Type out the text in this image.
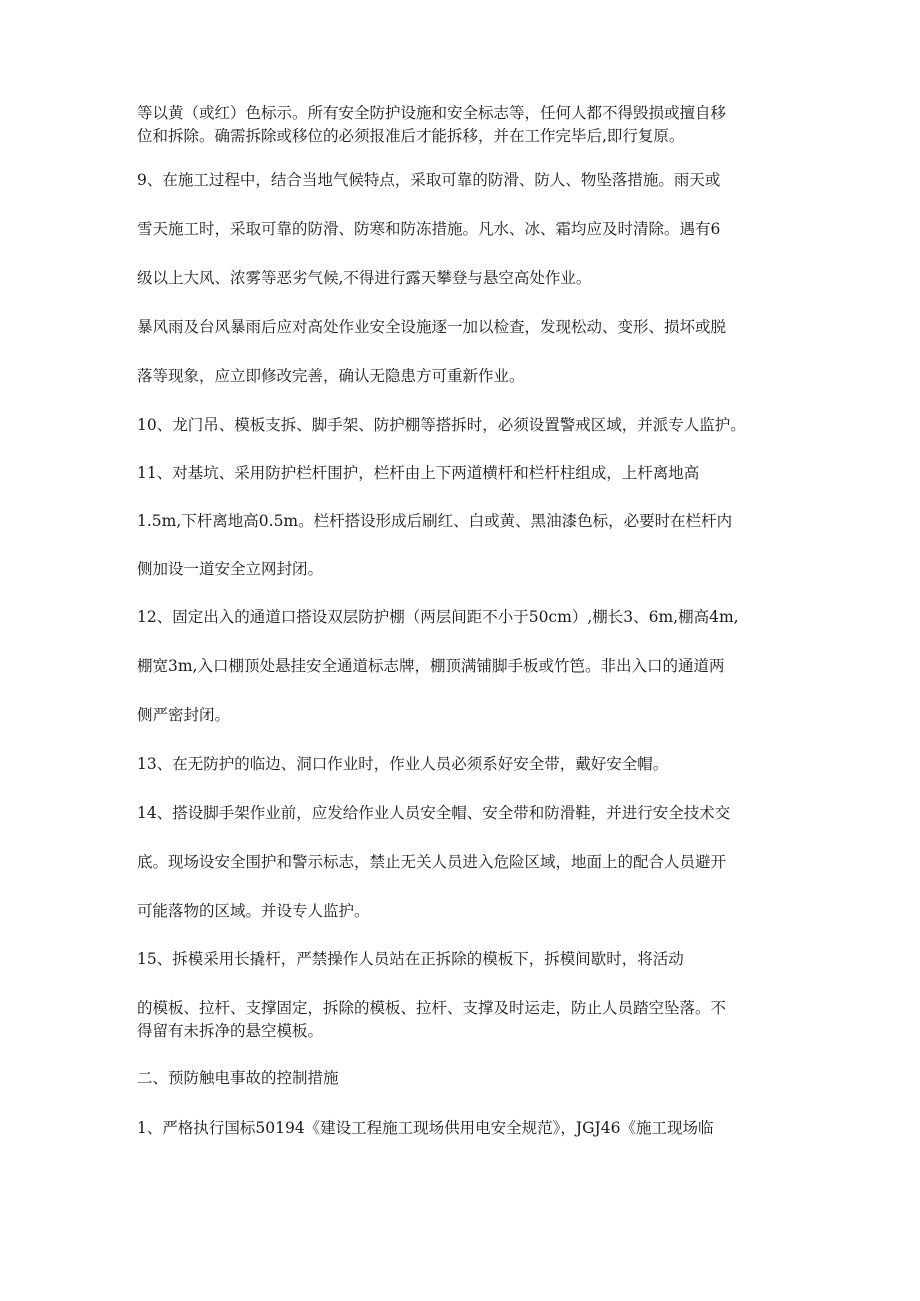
等以黄（或红）色标示。所有安全防护设施和安全标志等，任何人都不得毁损或擅自移
位和拆除。确需拆除或移位的必须报准后才能拆移，并在工作完毕后,即行复原。
9、在施工过程中，结合当地气候特点，采取可靠的防滑、防人、物坠落措施。雨天或
雪天施工时，采取可靠的防滑、防寒和防冻措施。凡水、冰、霜均应及时清除。遇有6
级以上大风、浓雾等恶劣气候,不得进行露天攀登与悬空高处作业。
暴风雨及台风暴雨后应对高处作业安全设施逐一加以检查，发现松动、变形、损坏或脱
落等现象，应立即修改完善，确认无隐患方可重新作业。
10、龙门吊、模板支拆、脚手架、防护棚等搭拆时，必须设置警戒区域，并派专人监护。
11、对基坑、采用防护栏杆围护，栏杆由上下两道横杆和栏杆柱组成，上杆离地高
1.5m,下杆离地高0.5m。栏杆搭设形成后刷红、白或黄、黑油漆色标，必要时在栏杆内
侧加设一道安全立网封闭。
12、固定出入的通道口搭设双层防护棚（两层间距不小于50cm）,棚长3、6m,棚高4m,
棚宽3m,入口棚顶处悬挂安全通道标志牌，棚顶满铺脚手板或竹笆。非出入口的通道两
侧严密封闭。
13、在无防护的临边、洞口作业时，作业人员必须系好安全带，戴好安全帽。
14、搭设脚手架作业前，应发给作业人员安全帽、安全带和防滑鞋，并进行安全技术交
底。现场设安全围护和警示标志，禁止无关人员进入危险区域，地面上的配合人员避开
可能落物的区域。并设专人监护。
15、拆模采用长撬杆，严禁操作人员站在正拆除的模板下，拆模间歇时，将活动
的模板、拉杆、支撑固定，拆除的模板、拉杆、支撑及时运走，防止人员踏空坠落。不
得留有未拆净的悬空模板。
二、预防触电事故的控制措施
1、严格执行国标50194《建设工程施工现场供用电安全规范》，JGJ46《施工现场临
